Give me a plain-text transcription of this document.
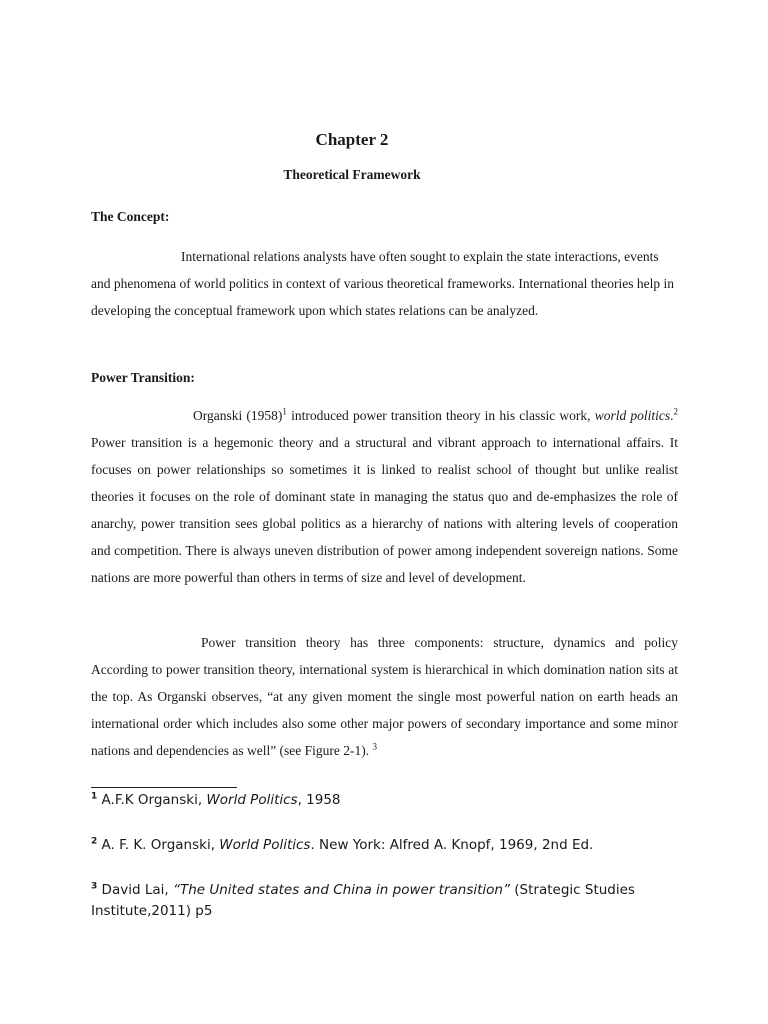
Chapter 2
Theoretical Framework
The Concept:

International relations analysts have often sought to explain the state interactions, events and phenomena of world politics in context of various theoretical frameworks. International theories help in developing the conceptual framework upon which states relations can be analyzed.

Power Transition:

Organski (1958)$^1$ introduced power transition theory in his classic work, world politics.$^2$ Power transition is a hegemonic theory and a structural and vibrant approach to international affairs. It focuses on power relationships so sometimes it is linked to realist school of thought but unlike realist theories it focuses on the role of dominant state in managing the status quo and de-emphasizes the role of anarchy, power transition sees global politics as a hierarchy of nations with altering levels of cooperation and competition. There is always uneven distribution of power among independent sovereign nations. Some nations are more powerful than others in terms of size and level of development.

Power transition theory has three components: structure, dynamics and policy According to power transition theory, international system is hierarchical in which domination nation sits at the top. As Organski observes, “at any given moment the single most powerful nation on earth heads an international order which includes also some other major powers of secondary importance and some minor nations and dependencies as well” (see Figure 2-1). $^3$

$^1$ A.F.K Organski, World Politics, 1958

$^2$ A. F. K. Organski, World Politics. New York: Alfred A. Knopf, 1969, 2nd Ed.

$^3$ David Lai, “The United states and China in power transition” (Strategic Studies Institute,2011) p5
